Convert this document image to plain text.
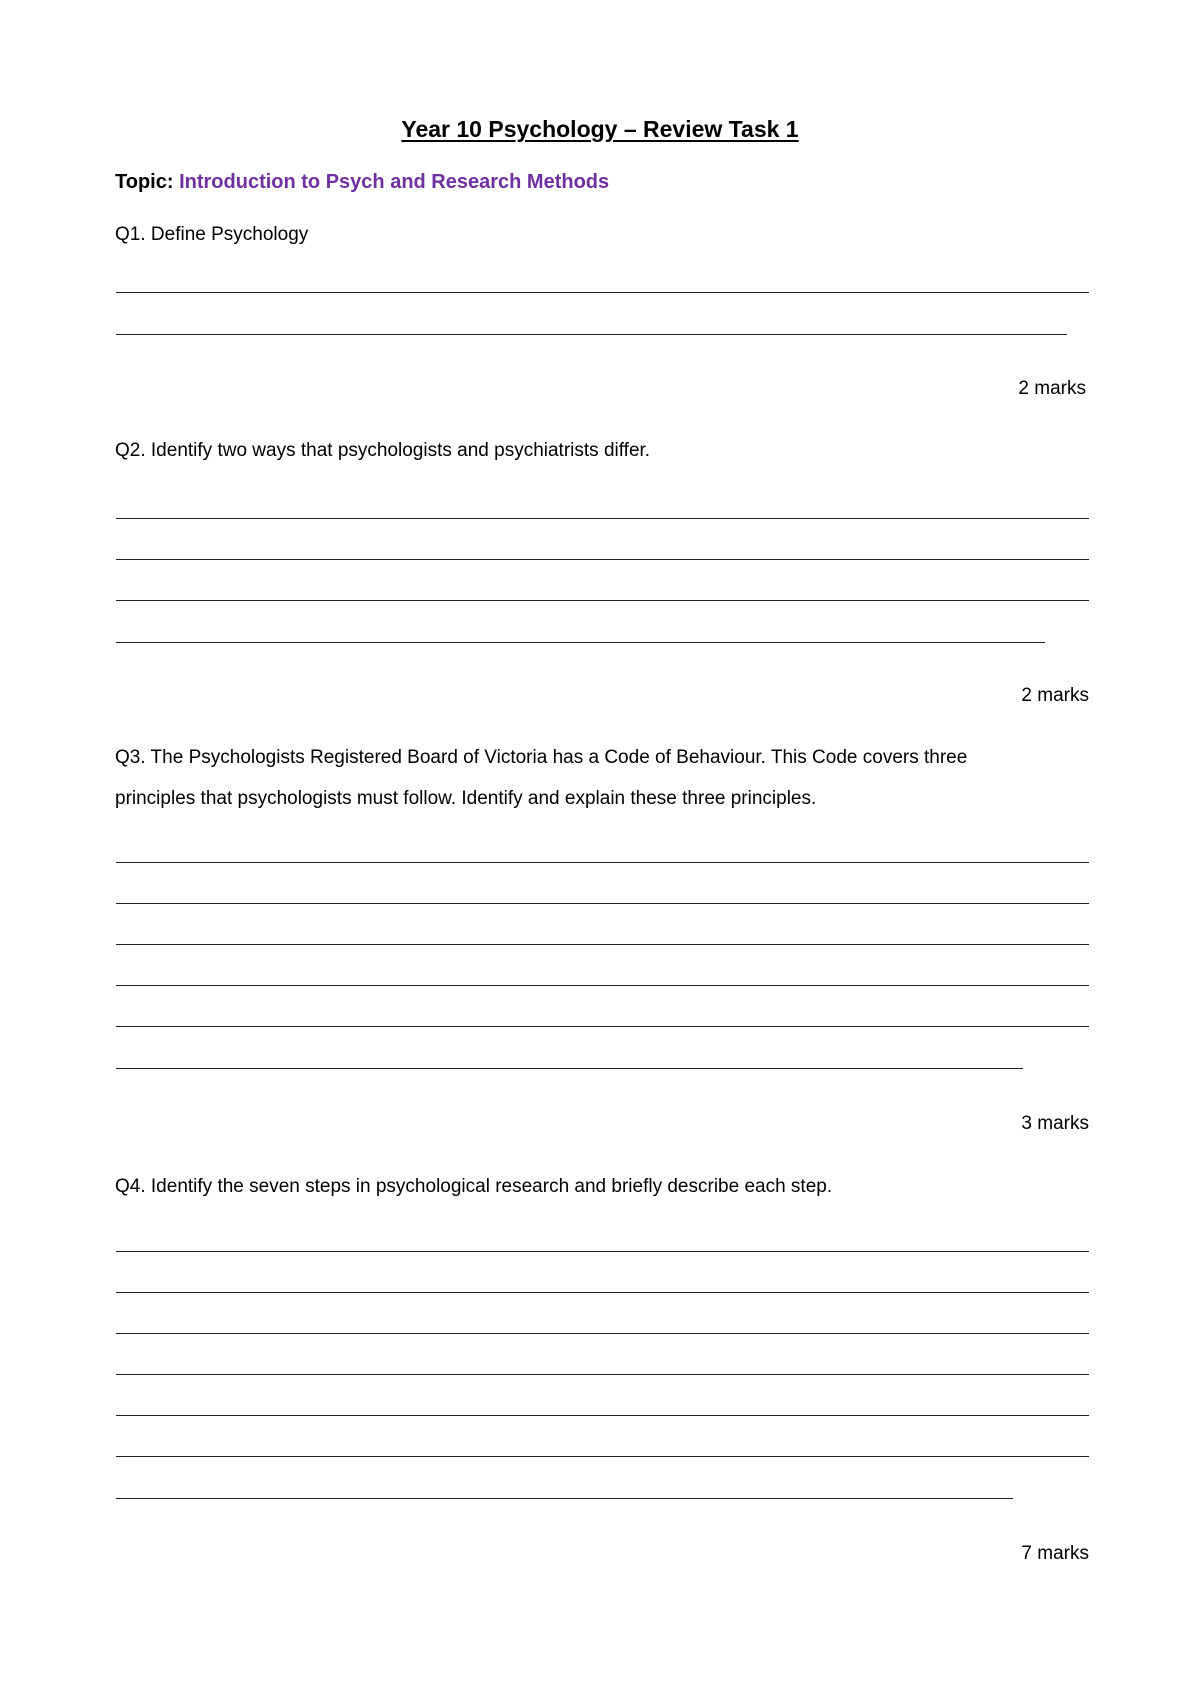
Year 10 Psychology – Review Task 1
Topic: Introduction to Psych and Research Methods
Q1. Define Psychology
2 marks
Q2. Identify two ways that psychologists and psychiatrists differ.
2 marks
Q3. The Psychologists Registered Board of Victoria has a Code of Behaviour. This Code covers three
principles that psychologists must follow. Identify and explain these three principles.
3 marks
Q4. Identify the seven steps in psychological research and briefly describe each step.
7 marks
